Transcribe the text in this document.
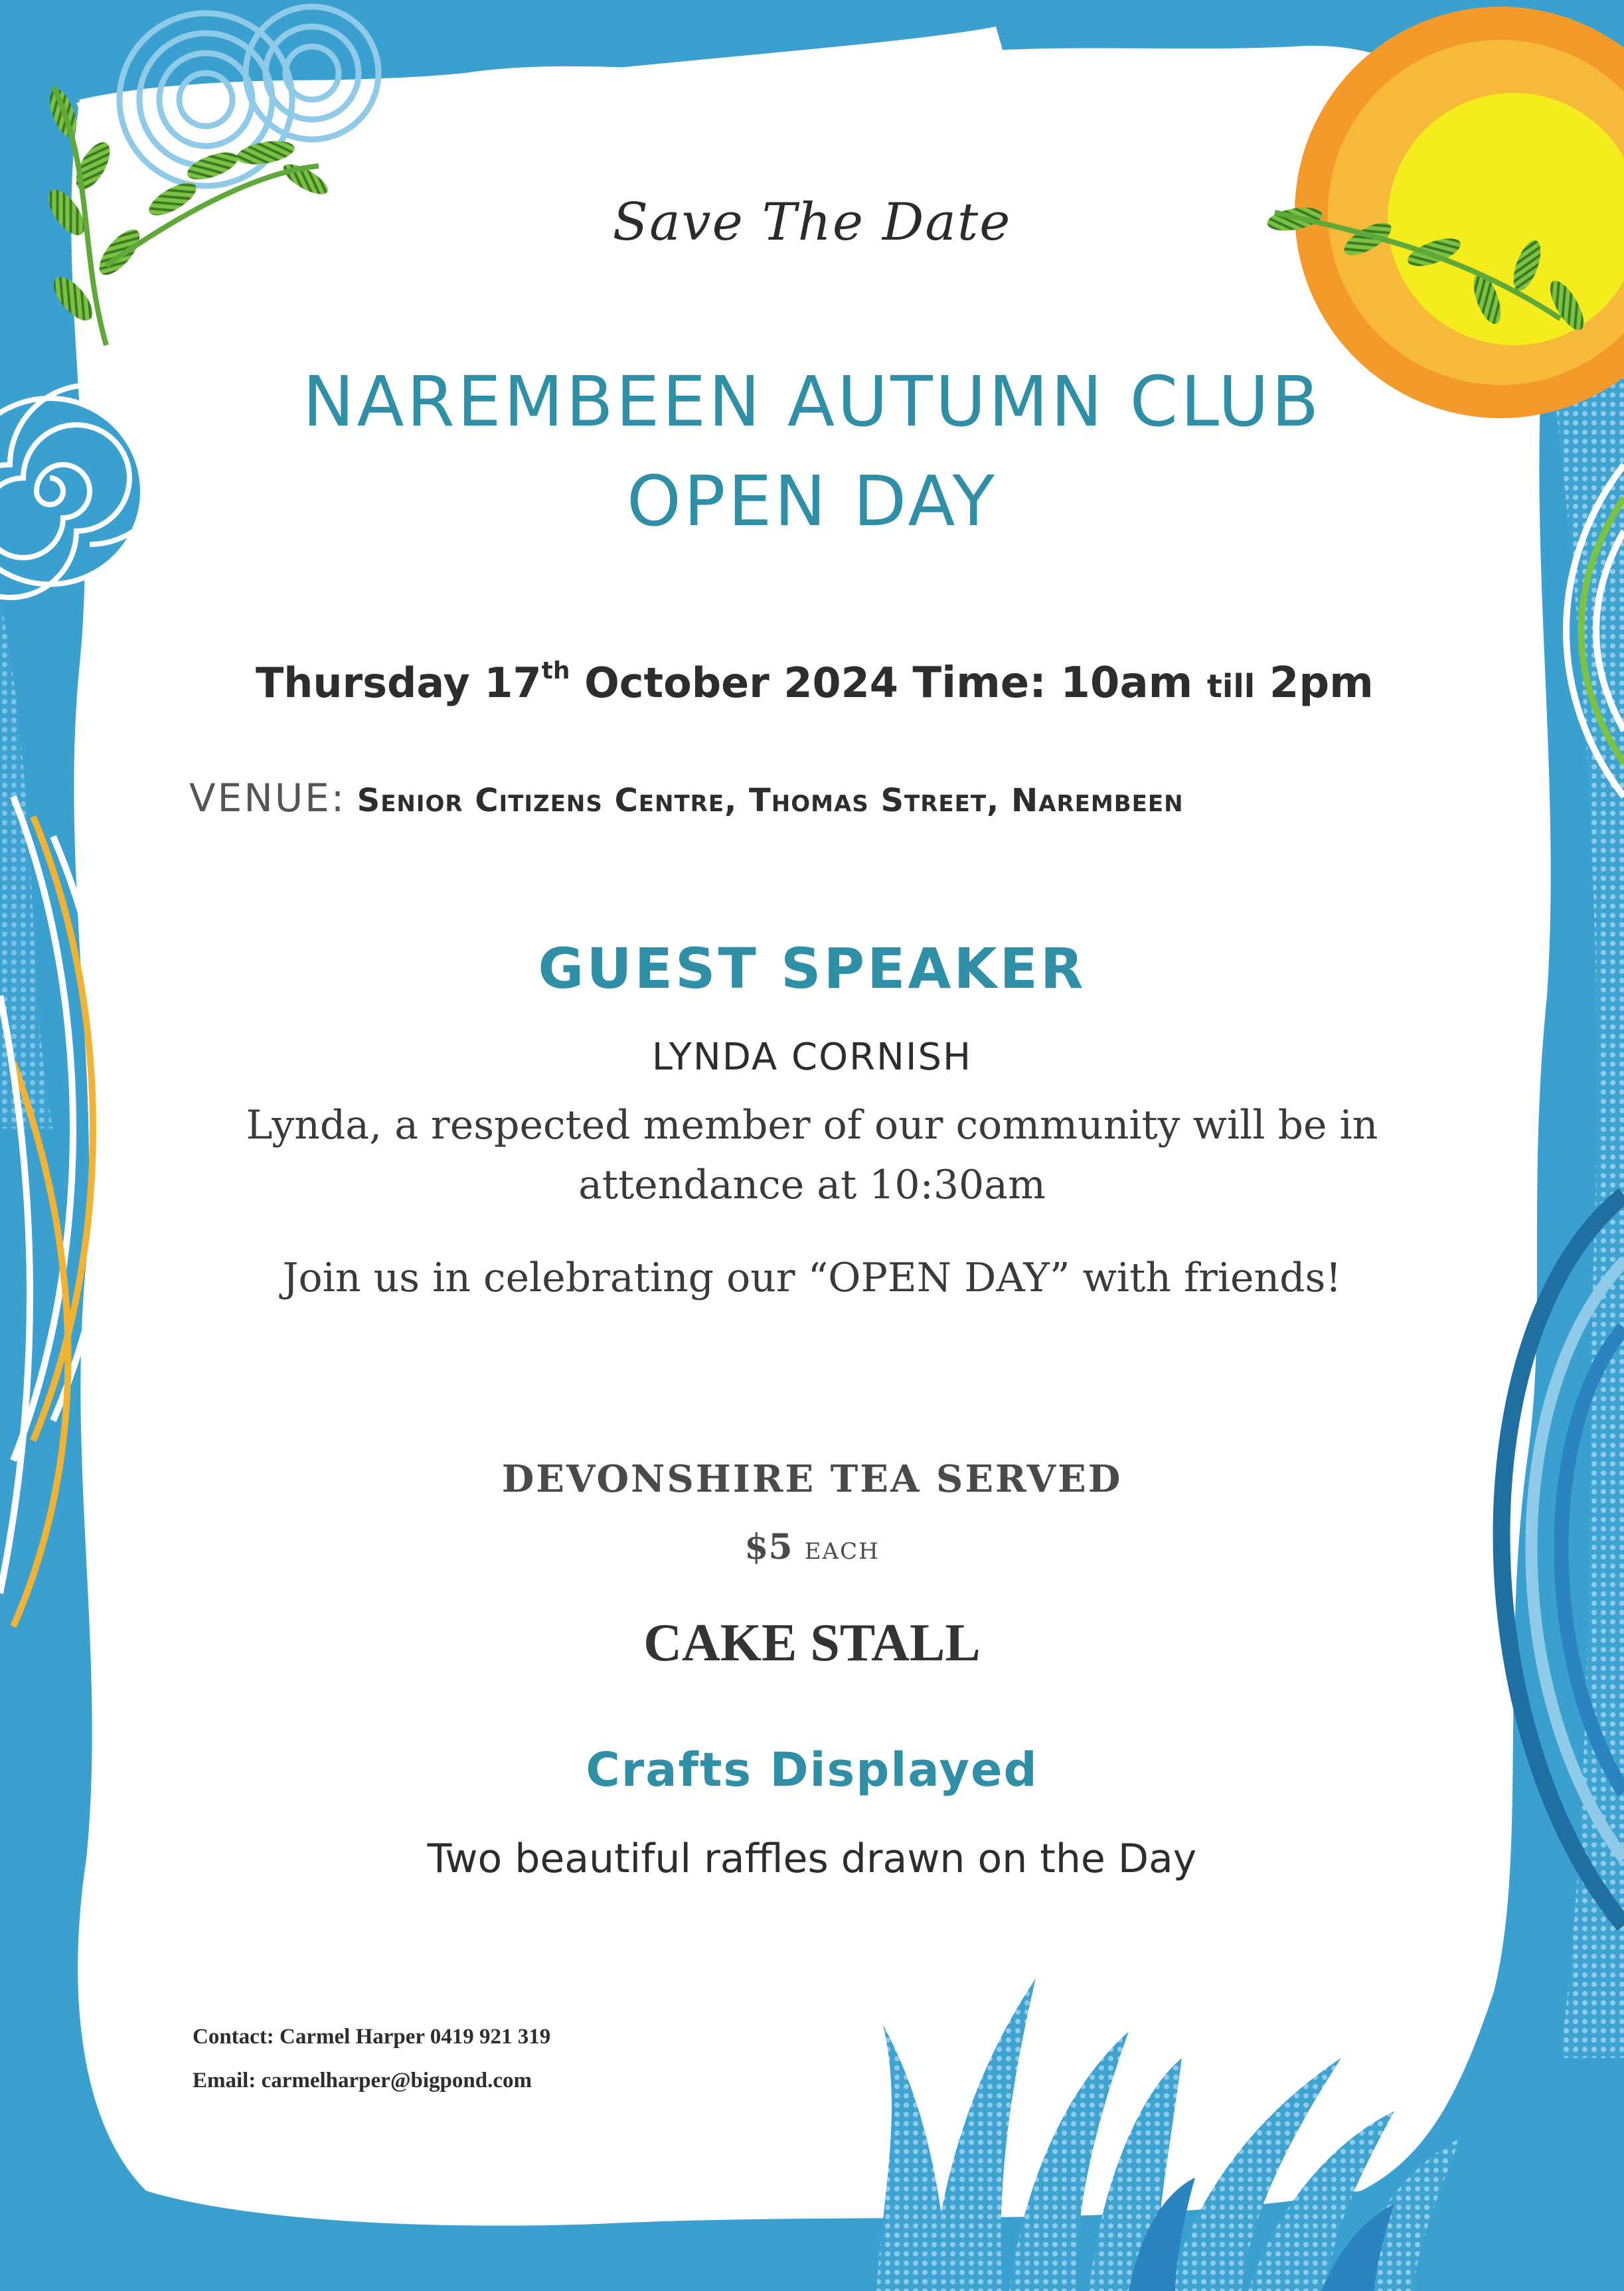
Save The Date
NAREMBEEN AUTUMN CLUB
OPEN DAY
Thursday 17th October 2024 Time: 10am till 2pm
VENUE: Senior Citizens Centre, Thomas Street, Narembeen
GUEST SPEAKER
LYNDA CORNISH
Lynda, a respected member of our community will be in
attendance at 10:30am
Join us in celebrating our “OPEN DAY” with friends!
DEVONSHIRE TEA SERVED
$5 EACH
CAKE STALL
Crafts Displayed
Two beautiful raffles drawn on the Day
Contact: Carmel Harper 0419 921 319
Email: carmelharper@bigpond.com
